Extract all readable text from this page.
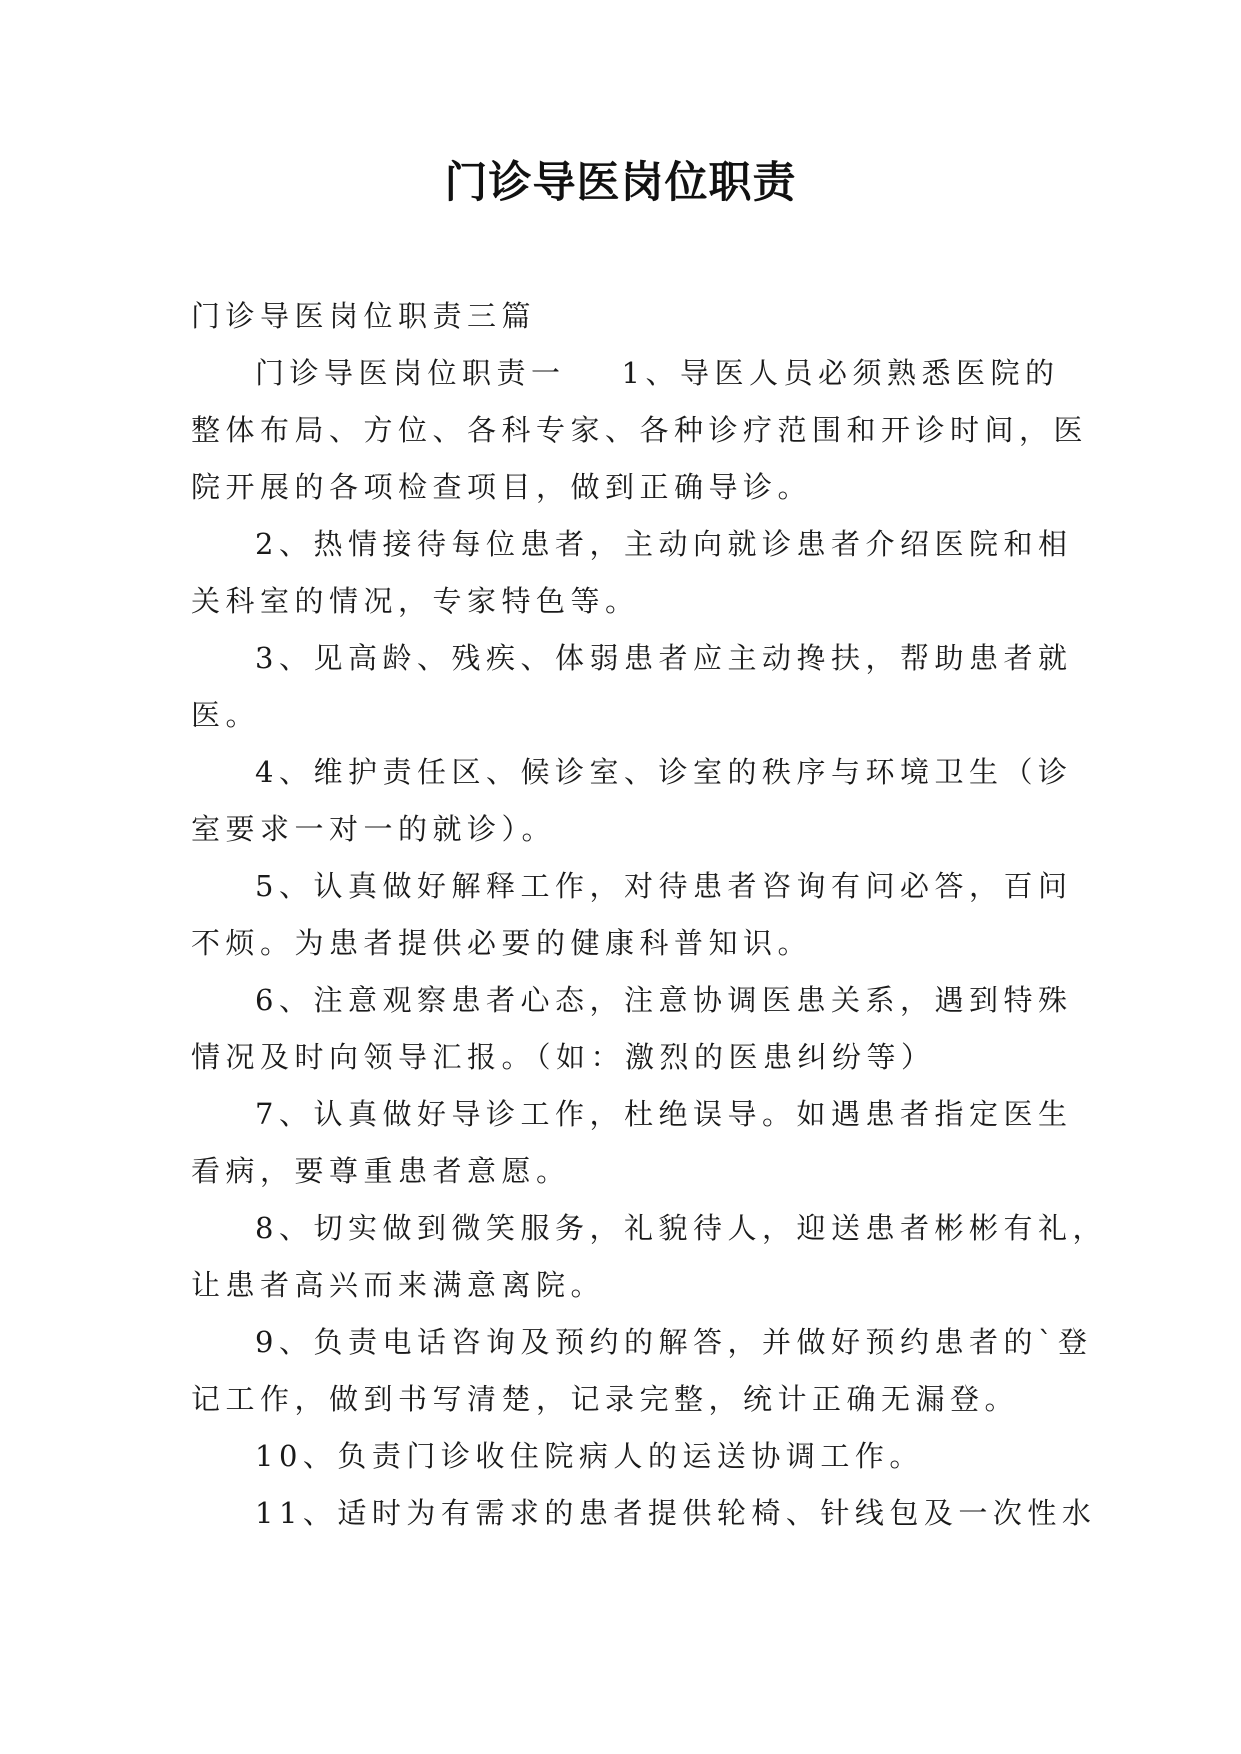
门诊导医岗位职责
门诊导医岗位职责三篇
门诊导医岗位职责一 1、导医人员必须熟悉医院的
整体布局、方位、各科专家、各种诊疗范围和开诊时间，医
院开展的各项检查项目，做到正确导诊。
2、热情接待每位患者，主动向就诊患者介绍医院和相
关科室的情况，专家特色等。
3、见高龄、残疾、体弱患者应主动搀扶，帮助患者就
医。
4、维护责任区、候诊室、诊室的秩序与环境卫生（诊
室要求一对一的就诊）。
5、认真做好解释工作，对待患者咨询有问必答，百问
不烦。为患者提供必要的健康科普知识。
6、注意观察患者心态，注意协调医患关系，遇到特殊
情况及时向领导汇报。（如：激烈的医患纠纷等）
7、认真做好导诊工作，杜绝误导。如遇患者指定医生
看病，要尊重患者意愿。
8、切实做到微笑服务，礼貌待人，迎送患者彬彬有礼，
让患者高兴而来满意离院。
9、负责电话咨询及预约的解答，并做好预约患者的`登
记工作，做到书写清楚，记录完整，统计正确无漏登。
10、负责门诊收住院病人的运送协调工作。
11、适时为有需求的患者提供轮椅、针线包及一次性水
